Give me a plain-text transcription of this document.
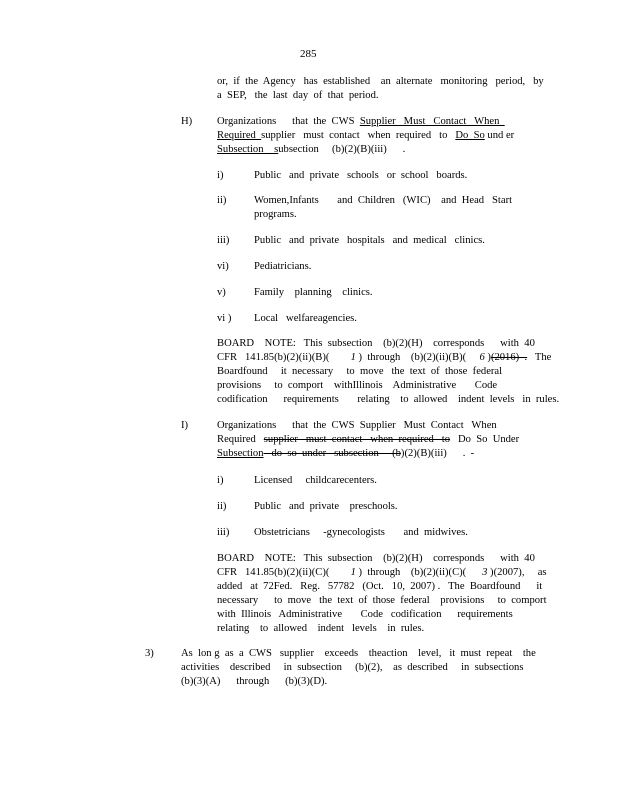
285
or,  if  the  Agency   has  established    an  alternate   monitoring   period,   by
a  SEP,   the  last  day  of  that  period.
H) Organizations      that  the  CWS  Supplier   Must   Contact   When
Required  supplier   must  contact   when  required   to   Do  So und er
Subsection    subsection     (b)(2)(B)(iii)      .
i)	Public   and  private   schools   or  school   boards.
ii)	Women,Infants       and  Children   (WIC)    and  Head   Start
programs.
iii) Public   and  private   hospitals   and  medical   clinics.
vi) Pediatricians.
v)	Family    planning    clinics.
vi ) Local   welfareagencies.
BOARD    NOTE:   This  subsection    (b)(2)(H)    corresponds      with  40
CFR   141.85(b)(2)(ii)(B)(        1 )  through    (b)(2)(ii)(B)(     6 )(2016)  .   The
Boardfound     it  necessary     to  move   the  text  of  those  federal
provisions     to  comport    withIllinois    Administrative       Code
codification      requirements       relating    to  allowed    indent  levels   in  rules.
I)	Organizations      that  the  CWS  Supplier   Must  Contact   When
Required   supplier   must  contact   when  required   to   Do  So  Under
Subsection   do  so  under   subsection     (b)(2)(B)(iii)      .  -
i)	Licensed     childcarecenters.
ii)	Public   and  private    preschools.
iii) Obstetricians     -gynecologists       and  midwives.
BOARD    NOTE:   This  subsection    (b)(2)(H)    corresponds      with  40
CFR   141.85(b)(2)(ii)(C)(        1 )  through    (b)(2)(ii)(C)(      3 )(2007),     as
added   at  72Fed.   Reg.   57782   (Oct.   10,  2007) .   The  Boardfound      it
necessary      to  move   the  text  of  those  federal    provisions     to  comport
with  Illinois   Administrative       Code   codification      requirements
relating    to  allowed    indent   levels    in  rules.
3)	As  lon g  as  a  CWS   supplier    exceeds    theaction    level,   it  must  repeat    the
activities    described     in  subsection     (b)(2),    as  described     in  subsections
(b)(3)(A)      through      (b)(3)(D).
